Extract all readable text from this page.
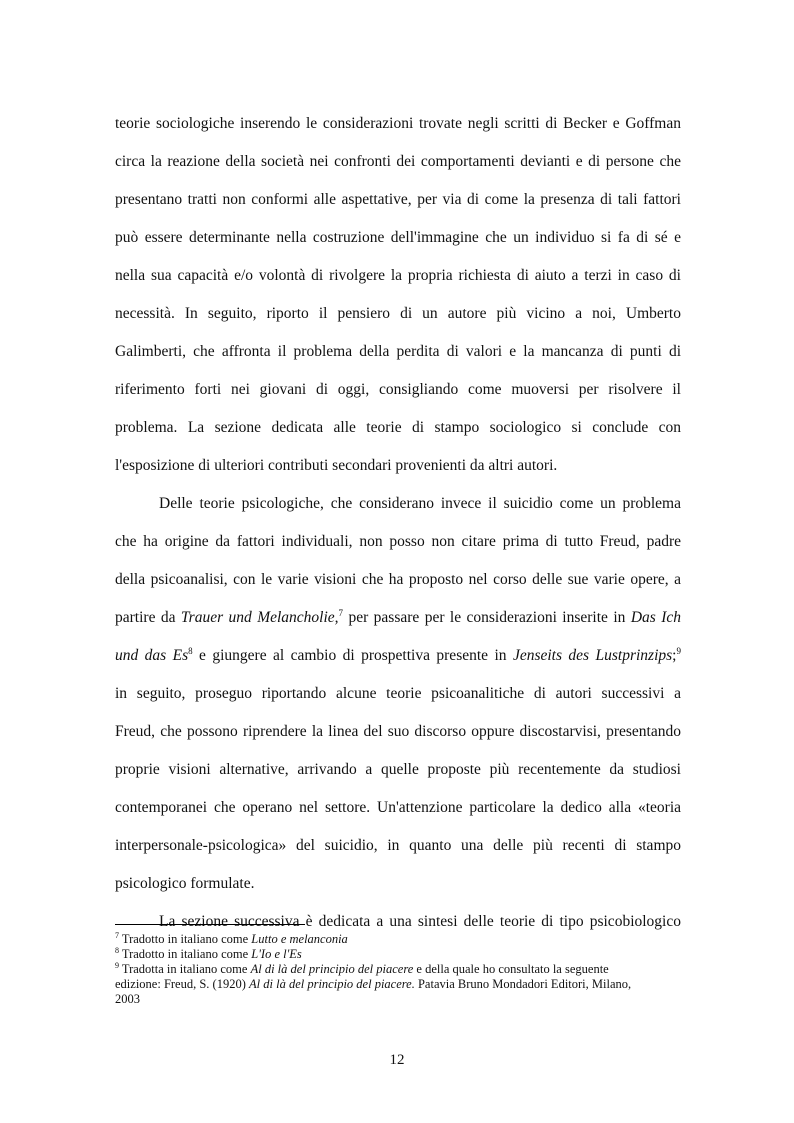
teorie sociologiche inserendo le considerazioni trovate negli scritti di Becker e Goffman
circa la reazione della società nei confronti dei comportamenti devianti e di persone che
presentano tratti non conformi alle aspettative, per via di come la presenza di tali fattori
può essere determinante nella costruzione dell'immagine che un individuo si fa di sé e
nella sua capacità e/o volontà di rivolgere la propria richiesta di aiuto a terzi in caso di
necessità. In seguito, riporto il pensiero di un autore più vicino a noi, Umberto
Galimberti, che affronta il problema della perdita di valori e la mancanza di punti di
riferimento forti nei giovani di oggi, consigliando come muoversi per risolvere il
problema. La sezione dedicata alle teorie di stampo sociologico si conclude con
l'esposizione di ulteriori contributi secondari provenienti da altri autori.
Delle teorie psicologiche, che considerano invece il suicidio come un problema
che ha origine da fattori individuali, non posso non citare prima di tutto Freud, padre
della psicoanalisi, con le varie visioni che ha proposto nel corso delle sue varie opere, a
partire da Trauer und Melancholie,$^7$ per passare per le considerazioni inserite in Das Ich
und das Es$^8$ e giungere al cambio di prospettiva presente in Jenseits des Lustprinzips;$^9$
in seguito, proseguo riportando alcune teorie psicoanalitiche di autori successivi a
Freud, che possono riprendere la linea del suo discorso oppure discostarvisi, presentando
proprie visioni alternative, arrivando a quelle proposte più recentemente da studiosi
contemporanei che operano nel settore. Un'attenzione particolare la dedico alla «teoria
interpersonale-psicologica» del suicidio, in quanto una delle più recenti di stampo
psicologico formulate.
La sezione successiva è dedicata a una sintesi delle teorie di tipo psicobiologico
$^7$ Tradotto in italiano come Lutto e melanconia
$^8$ Tradotto in italiano come L'Io e l'Es
$^9$ Tradotta in italiano come Al di là del principio del piacere e della quale ho consultato la seguente
edizione: Freud, S. (1920) Al di là del principio del piacere. Patavia Bruno Mondadori Editori, Milano,
2003
12
